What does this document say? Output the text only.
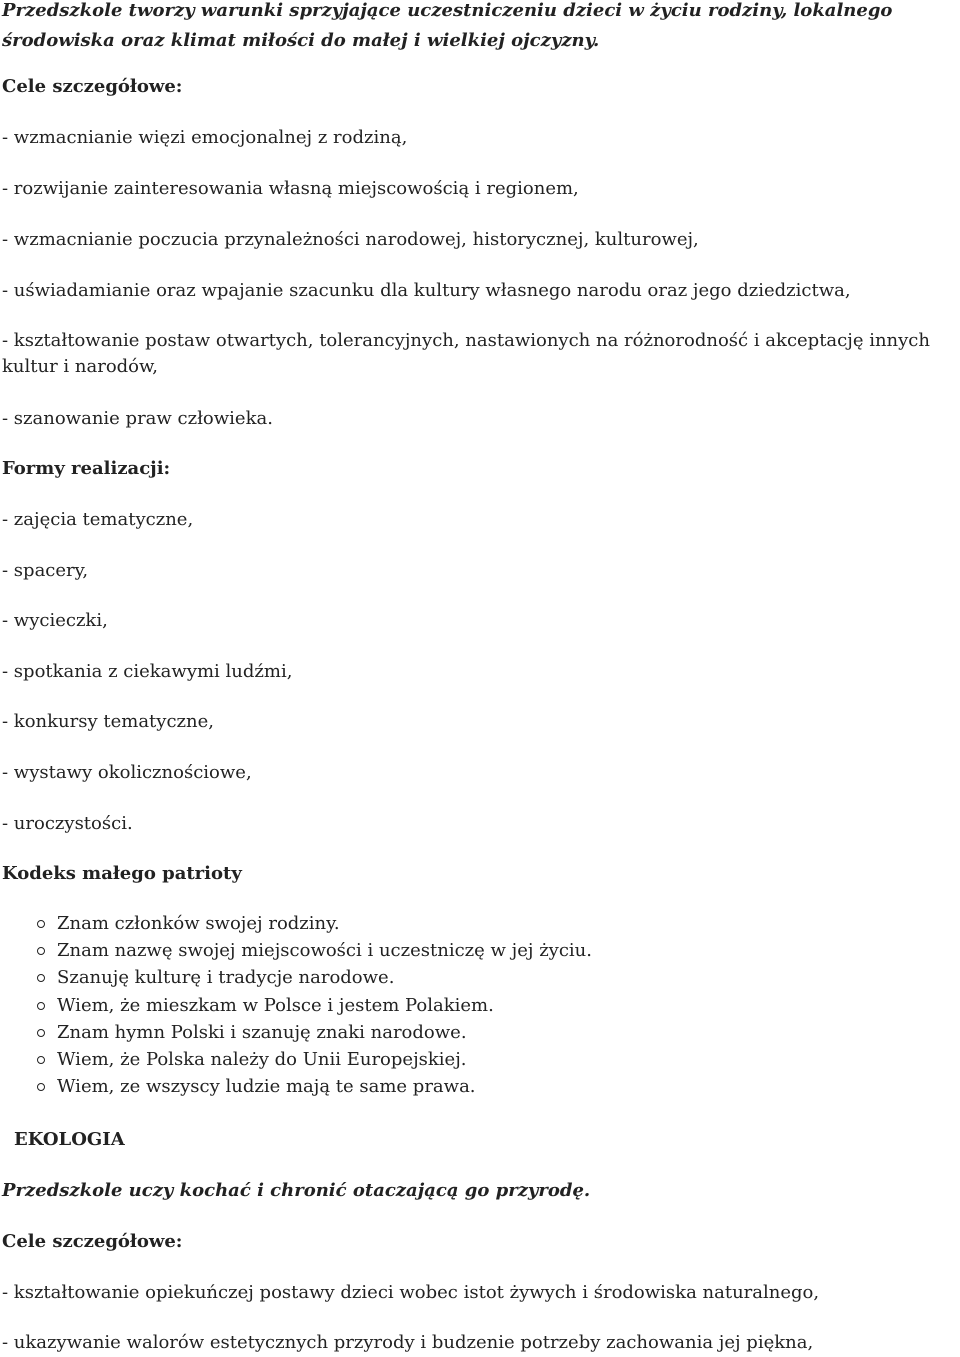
Przedszkole tworzy warunki sprzyjające uczestniczeniu dzieci w życiu rodziny, lokalnego środowiska oraz klimat miłości do małej i wielkiej ojczyzny.

Cele szczegółowe:

- wzmacnianie więzi emocjonalnej z rodziną,

- rozwijanie zainteresowania własną miejscowością i regionem,

- wzmacnianie poczucia przynależności narodowej, historycznej, kulturowej,

- uświadamianie oraz wpajanie szacunku dla kultury własnego narodu oraz jego dziedzictwa,

- kształtowanie postaw otwartych, tolerancyjnych, nastawionych na różnorodność i akceptację innych kultur i narodów,

- szanowanie praw człowieka.

Formy realizacji:

- zajęcia tematyczne,

- spacery,

- wycieczki,

- spotkania z ciekawymi ludźmi,

- konkursy tematyczne,

- wystawy okolicznościowe,

- uroczystości.

Kodeks małego patrioty

Znam członków swojej rodziny.
Znam nazwę swojej miejscowości i uczestniczę w jej życiu.
Szanuję kulturę i tradycje narodowe.
Wiem, że mieszkam w Polsce i jestem Polakiem.
Znam hymn Polski i szanuję znaki narodowe.
Wiem, że Polska należy do Unii Europejskiej.
Wiem, ze wszyscy ludzie mają te same prawa.

EKOLOGIA

Przedszkole uczy kochać i chronić otaczającą go przyrodę.

Cele szczegółowe:

- kształtowanie opiekuńczej postawy dzieci wobec istot żywych i środowiska naturalnego,

- ukazywanie walorów estetycznych przyrody i budzenie potrzeby zachowania jej piękna,
